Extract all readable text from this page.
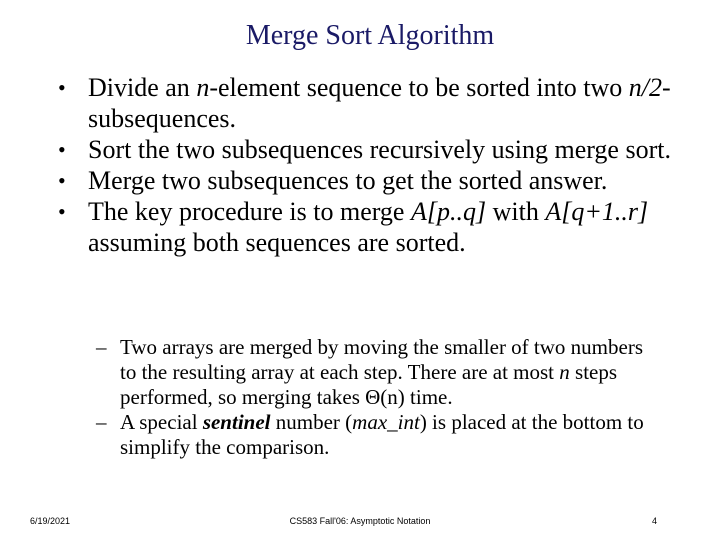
Merge Sort Algorithm
• Divide an n-element sequence to be sorted into two n/2-subsequences.
• Sort the two subsequences recursively using merge sort.
• Merge two subsequences to get the sorted answer.
• The key procedure is to merge A[p..q] with A[q+1..r] assuming both sequences are sorted.
– Two arrays are merged by moving the smaller of two numbers to the resulting array at each step. There are at most n steps performed, so merging takes Θ(n) time.
– A special sentinel number (max_int) is placed at the bottom to simplify the comparison.
6/19/2021	CS583 Fall'06: Asymptotic Notation	4
